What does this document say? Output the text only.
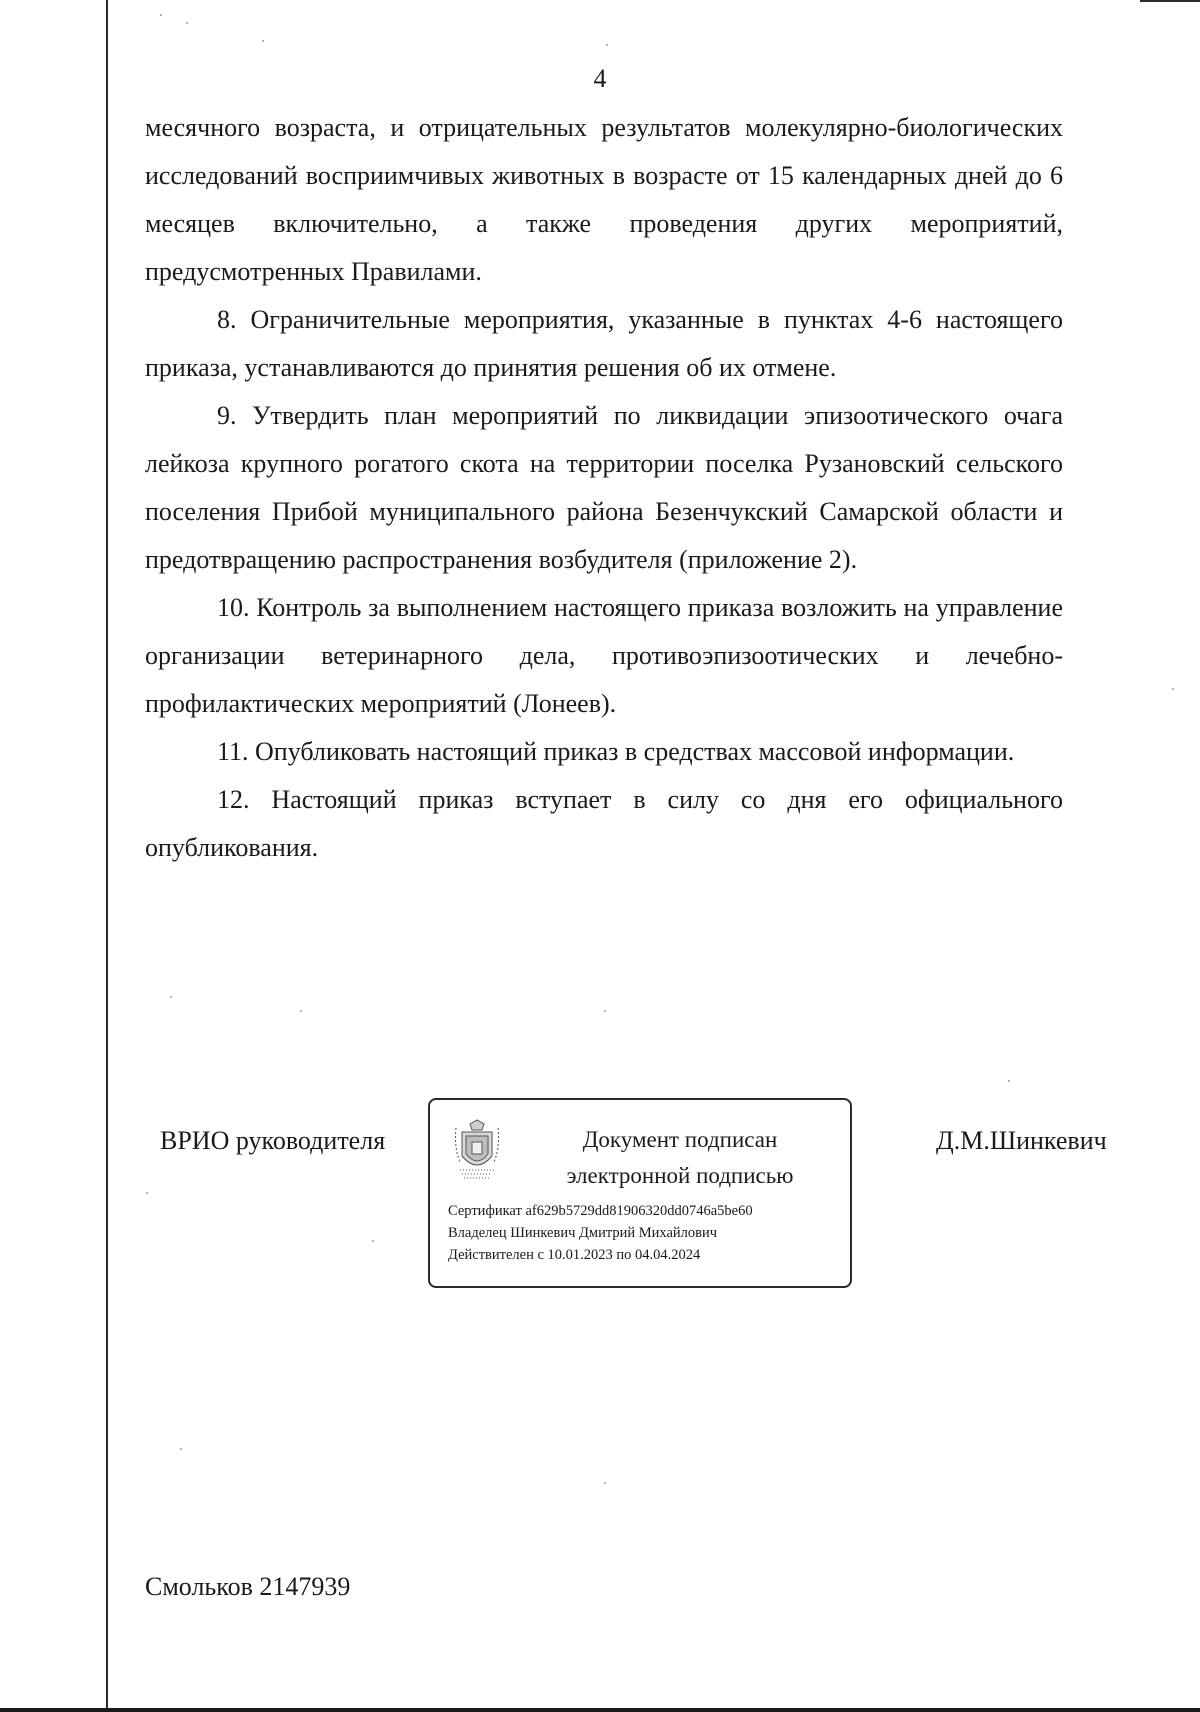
4

месячного возраста, и отрицательных результатов молекулярно-биологических исследований восприимчивых животных в возрасте от 15 календарных дней до 6 месяцев включительно, а также проведения других мероприятий, предусмотренных Правилами.

8. Ограничительные мероприятия, указанные в пунктах 4-6 настоящего приказа, устанавливаются до принятия решения об их отмене.

9. Утвердить план мероприятий по ликвидации эпизоотического очага лейкоза крупного рогатого скота на территории поселка Рузановский сельского поселения Прибой муниципального района Безенчукский Самарской области и предотвращению распространения возбудителя (приложение 2).

10. Контроль за выполнением настоящего приказа возложить на управление организации ветеринарного дела, противоэпизоотических и лечебно-профилактических мероприятий (Лонеев).

11. Опубликовать настоящий приказ в средствах массовой информации.

12. Настоящий приказ вступает в силу со дня его официального опубликования.

ВРИО руководителя	Документ подписан
электронной подписью
Сертификат af629b5729dd81906320dd0746a5be60
Владелец Шинкевич Дмитрий Михайлович
Действителен с 10.01.2023 по 04.04.2024
Д.М.Шинкевич
Смольков 2147939
